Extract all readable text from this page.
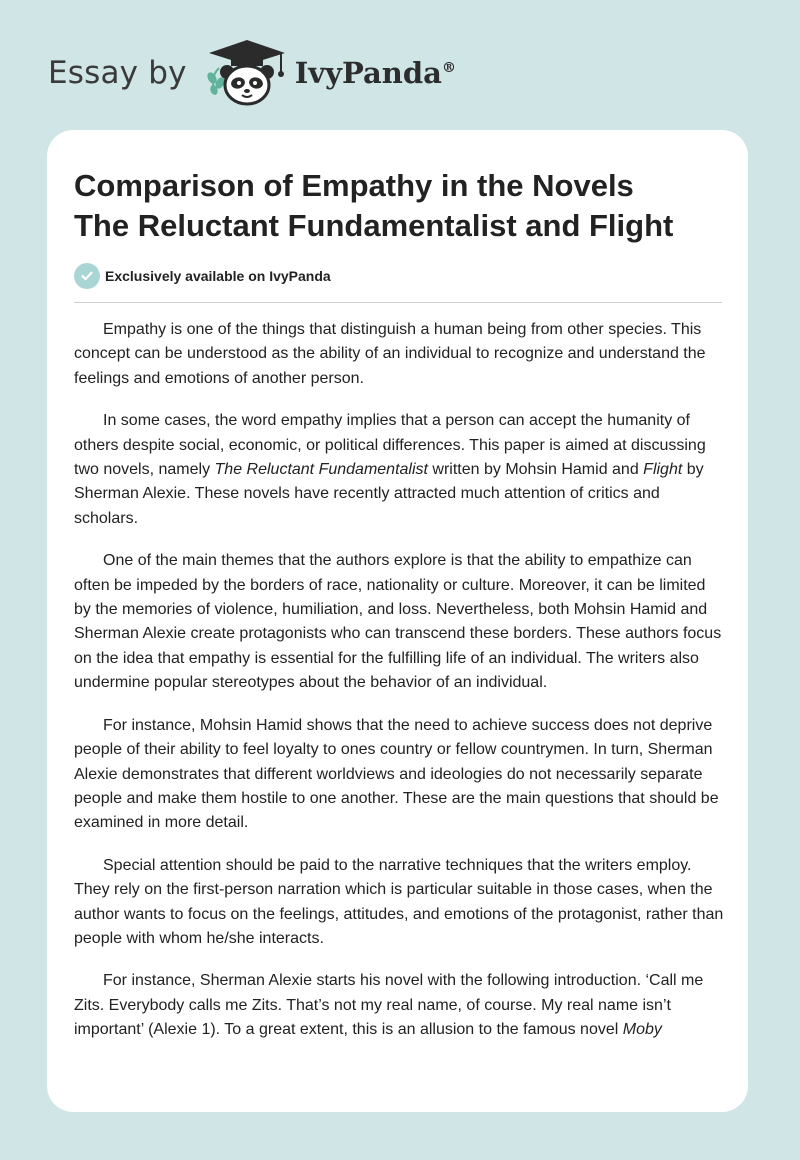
Essay by	IvyPanda®
Comparison of Empathy in the Novels
The Reluctant Fundamentalist and Flight
Exclusively available on IvyPanda

Empathy is one of the things that distinguish a human being from other species. This concept can be understood as the ability of an individual to recognize and understand the feelings and emotions of another person.

In some cases, the word empathy implies that a person can accept the humanity of others despite social, economic, or political differences. This paper is aimed at discussing two novels, namely The Reluctant Fundamentalist written by Mohsin Hamid and Flight by Sherman Alexie. These novels have recently attracted much attention of critics and scholars.

One of the main themes that the authors explore is that the ability to empathize can often be impeded by the borders of race, nationality or culture. Moreover, it can be limited by the memories of violence, humiliation, and loss. Nevertheless, both Mohsin Hamid and Sherman Alexie create protagonists who can transcend these borders. These authors focus on the idea that empathy is essential for the fulfilling life of an individual. The writers also undermine popular stereotypes about the behavior of an individual.

For instance, Mohsin Hamid shows that the need to achieve success does not deprive people of their ability to feel loyalty to ones country or fellow countrymen. In turn, Sherman Alexie demonstrates that different worldviews and ideologies do not necessarily separate people and make them hostile to one another. These are the main questions that should be examined in more detail.

Special attention should be paid to the narrative techniques that the writers employ. They rely on the first-person narration which is particular suitable in those cases, when the author wants to focus on the feelings, attitudes, and emotions of the protagonist, rather than people with whom he/she interacts.

For instance, Sherman Alexie starts his novel with the following introduction. ‘Call me Zits. Everybody calls me Zits. That’s not my real name, of course. My real name isn’t important’ (Alexie 1). To a great extent, this is an allusion to the famous novel Moby
